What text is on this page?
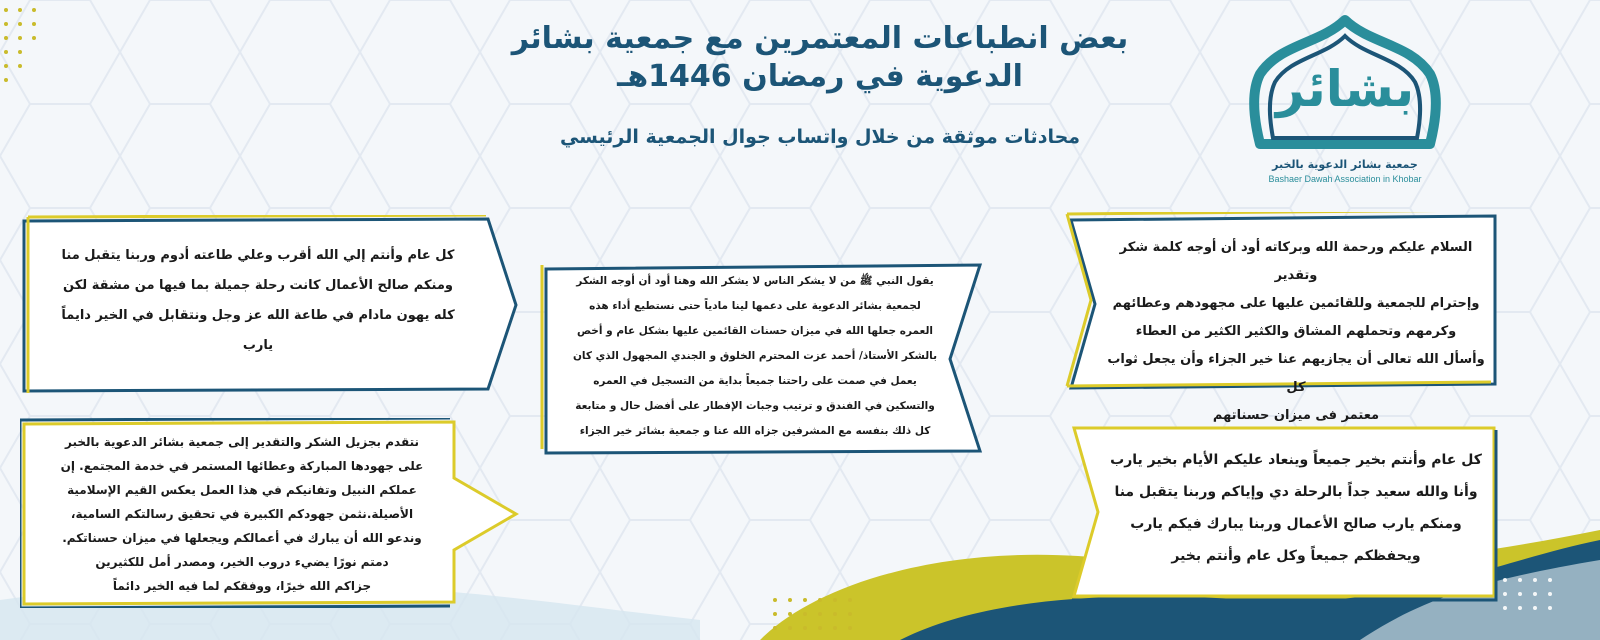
بعض انطباعات المعتمرين مع جمعية بشائر
الدعوية في رمضان 1446هـ
محادثات موثقة من خلال واتساب جوال الجمعية الرئيسي
بشائر
جمعية بشائر الدعوية بالخبر
Bashaer Dawah Association in Khobar
السلام عليكم ورحمة الله وبركاته أود أن أوجه كلمة شكر وتقدير
وإحترام للجمعية وللقائمين عليها على مجهودهم وعطائهم
وكرمهم وتحملهم المشاق والكثير الكثير من العطاء
وأسأل الله تعالى أن يجازيهم عنا خير الجزاء وأن يجعل ثواب كل
معتمر فى ميزان حسناتهم
كل عام وأنتم بخير جميعاً وينعاد عليكم الأيام بخير يارب
وأنا والله سعيد جداً بالرحلة دي وإياكم وربنا يتقبل منا
ومنكم يارب صالح الأعمال وربنا يبارك فيكم يارب
ويحفظكم جميعاً وكل عام وأنتم بخير
يقول النبي ﷺ من لا يشكر الناس لا يشكر الله وهنا أود أن أوجه الشكر
لجمعية بشائر الدعوية على دعمها لينا مادياً حتى نستطيع أداء هذه
العمره جعلها الله في ميزان حسنات القائمين عليها بشكل عام و أخص
بالشكر الأستاذ/ أحمد عزت المحترم الخلوق و الجندي المجهول الذي كان
يعمل في صمت على راحتنا جميعاً بداية من التسجيل في العمره
والتسكين في الفندق و ترتيب وجبات الإفطار على أفضل حال و متابعة
كل ذلك بنفسه مع المشرفين جزاه الله عنا و جمعية بشائر خير الجزاء
كل عام وأنتم إلي الله أقرب وعلي طاعته أدوم وربنا يتقبل منا
ومنكم صالح الأعمال كانت رحلة جميلة بما فيها من مشقة لكن
كله يهون مادام في طاعة الله عز وجل ونتقابل في الخير دايماً
يارب
نتقدم بجزيل الشكر والتقدير إلى جمعية بشائر الدعوية بالخبر
على جهودها المباركة وعطائها المستمر في خدمة المجتمع. إن
عملكم النبيل وتفانيكم في هذا العمل يعكس القيم الإسلامية
الأصيلة.نثمن جهودكم الكبيرة في تحقيق رسالتكم السامية،
وندعو الله أن يبارك في أعمالكم ويجعلها في ميزان حسناتكم.
دمتم نورًا يضيء دروب الخير، ومصدر أمل للكثيرين
جزاكم الله خيرًا، ووفقكم لما فيه الخير دائماً
